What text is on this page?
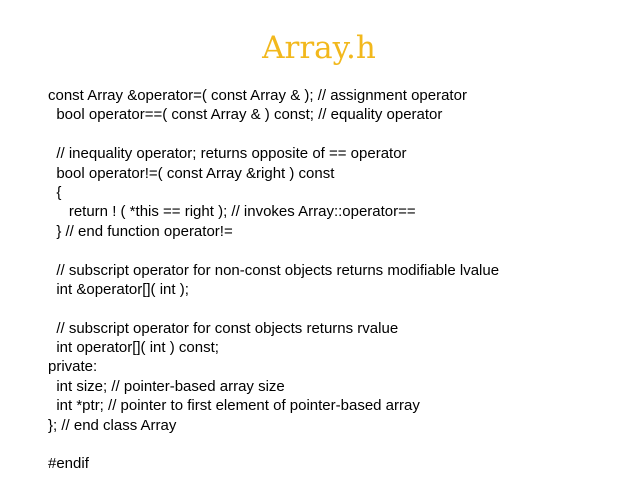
Array.h
const Array &operator=( const Array & ); // assignment operator
bool operator==( const Array & ) const; // equality operator
// inequality operator; returns opposite of == operator
bool operator!=( const Array &right ) const
{
return ! ( *this == right ); // invokes Array::operator==
} // end function operator!=
// subscript operator for non-const objects returns modifiable lvalue
int &operator[]( int );
// subscript operator for const objects returns rvalue
int operator[]( int ) const;
private:
int size; // pointer-based array size
int *ptr; // pointer to first element of pointer-based array
}; // end class Array
#endif
